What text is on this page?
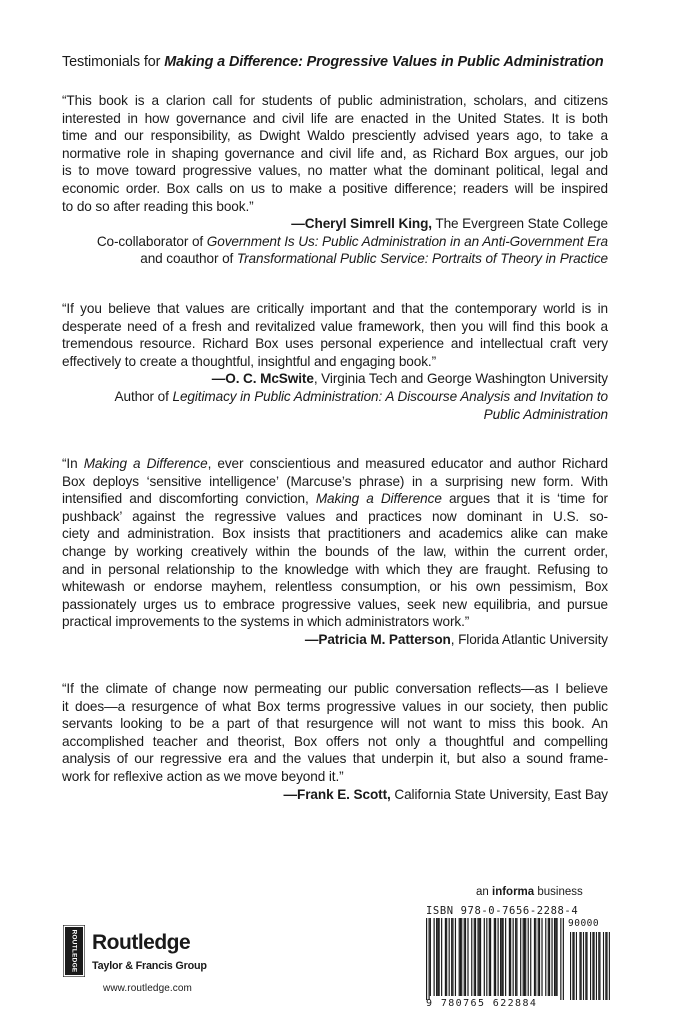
Testimonials for Making a Difference: Progressive Values in Public Administration
“This book is a clarion call for students of public administration, scholars, and citizens
interested in how governance and civil life are enacted in the United States. It is both
time and our responsibility, as Dwight Waldo presciently advised years ago, to take a
normative role in shaping governance and civil life and, as Richard Box argues, our job
is to move toward progressive values, no matter what the dominant political, legal and
economic order. Box calls on us to make a positive difference; readers will be inspired
to do so after reading this book.”
—Cheryl Simrell King, The Evergreen State College
Co-collaborator of Government Is Us: Public Administration in an Anti-Government Era
and coauthor of Transformational Public Service: Portraits of Theory in Practice
“If you believe that values are critically important and that the contemporary world is in
desperate need of a fresh and revitalized value framework, then you will find this book a
tremendous resource. Richard Box uses personal experience and intellectual craft very
effectively to create a thoughtful, insightful and engaging book.”
—O. C. McSwite, Virginia Tech and George Washington University
Author of Legitimacy in Public Administration: A Discourse Analysis and Invitation to
Public Administration
“In Making a Difference, ever conscientious and measured educator and author Richard
Box deploys ‘sensitive intelligence’ (Marcuse’s phrase) in a surprising new form. With
intensified and discomforting conviction, Making a Difference argues that it is ‘time for
pushback’ against the regressive values and practices now dominant in U.S. so-
ciety and administration. Box insists that practitioners and academics alike can make
change by working creatively within the bounds of the law, within the current order,
and in personal relationship to the knowledge with which they are fraught. Refusing to
whitewash or endorse mayhem, relentless consumption, or his own pessimism, Box
passionately urges us to embrace progressive values, seek new equilibria, and pursue
practical improvements to the systems in which administrators work.”
—Patricia M. Patterson, Florida Atlantic University
“If the climate of change now permeating our public conversation reflects—as I believe
it does—a resurgence of what Box terms progressive values in our society, then public
servants looking to be a part of that resurgence will not want to miss this book. An
accomplished teacher and theorist, Box offers not only a thoughtful and compelling
analysis of our regressive era and the values that underpin it, but also a sound frame-
work for reflexive action as we move beyond it.”
—Frank E. Scott, California State University, East Bay
ROUTLEDGE Routledge
Taylor & Francis Group
www.routledge.com
an informa business
ISBN 978-0-7656-2288-4
90000
9 780765 622884
